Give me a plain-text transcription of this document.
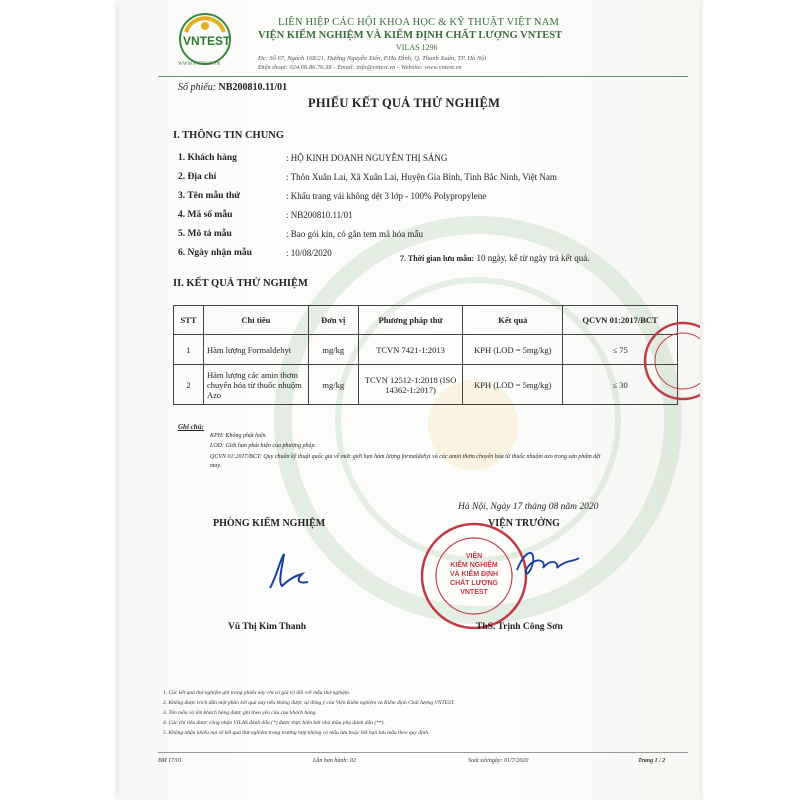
VNTEST
WWW.VNTEST.VN
LIÊN HIỆP CÁC HỘI KHOA HỌC & KỸ THUẬT VIỆT NAM
VIỆN KIỂM NGHIỆM VÀ KIỂM ĐỊNH CHẤT LƯỢNG VNTEST
VILAS 1296
Đc: Số 67, Ngách 168/21, Đường Nguyễn Xiển, P.Hạ Đình, Q. Thanh Xuân, TP. Hà Nội
Điện thoại: 024.66.86.76.38 - Email: info@vntest.vn - Website: www.vntest.vn
Số phiếu: NB200810.11/01
PHIẾU KẾT QUẢ THỬ NGHIỆM
I. THÔNG TIN CHUNG
1. Khách hàng	: HỘ KINH DOANH NGUYỄN THỊ SÁNG
2. Địa chỉ	: Thôn Xuân Lai, Xã Xuân Lai, Huyện Gia Bình, Tỉnh Bắc Ninh, Việt Nam
3. Tên mẫu thử	: Khẩu trang vải không dệt 3 lớp - 100% Polypropylene
4. Mã số mẫu	: NB200810.11/01
5. Mô tả mẫu	: Bao gói kín, có gắn tem mã hóa mẫu
6. Ngày nhận mẫu	: 10/08/2020
7. Thời gian lưu mẫu: 10 ngày, kể từ ngày trả kết quả.
II. KẾT QUẢ THỬ NGHIỆM
STT	Chỉ tiêu	Đơn vị	Phương pháp thử	Kết quả	QCVN 01:2017/BCT
1	Hàm lượng Formaldehyt	mg/kg	TCVN 7421-1:2013	KPH (LOD = 5mg/kg)	≤ 75
2	Hàm lượng các amin thơm chuyển hóa từ thuốc nhuộm Azo	mg/kg	TCVN 12512-1:2018 (ISO 14362-1:2017)	KPH (LOD = 5mg/kg)	≤ 30
Ghi chú:
KPH: Không phát hiện.
LOD: Giới hạn phát hiện của phương pháp.
QCVN 01:2017/BCT: Quy chuẩn kỹ thuật quốc gia về mức giới hạn hàm lượng formaldehyt và các amin thơm chuyển hóa từ thuốc nhuộm azo trong sản phẩm dệt may.
Hà Nội, Ngày 17 tháng 08 năm 2020
PHÒNG KIỂM NGHIỆM	VIỆN TRƯỞNG
VIỆN
KIỂM NGHIỆM
VÀ KIỂM ĐỊNH
CHẤT LƯỢNG
VNTEST
Vũ Thị Kim Thanh	ThS. Trịnh Công Sơn
1. Các kết quả thử nghiệm ghi trong phiếu này chỉ có giá trị đối với mẫu thử nghiệm.
2. Không được trích dẫn một phần kết quả này nếu không được sự đồng ý của Viện Kiểm nghiệm và Kiểm định Chất lượng VNTEST.
3. Tên mẫu và tên khách hàng được ghi theo yêu cầu của khách hàng.
4. Các chỉ tiêu được công nhận VILAS đánh dấu (*) được thực hiện bởi nhà thầu phụ đánh dấu (**).
5. Không nhận khiếu nại về kết quả thử nghiệm trong trường hợp không có mẫu lưu hoặc hết hạn lưu mẫu theo quy định.
BM 17/01	Lần ban hành: 02	Soát xét/ngày: 01/7/2020	Trang 1 / 2
